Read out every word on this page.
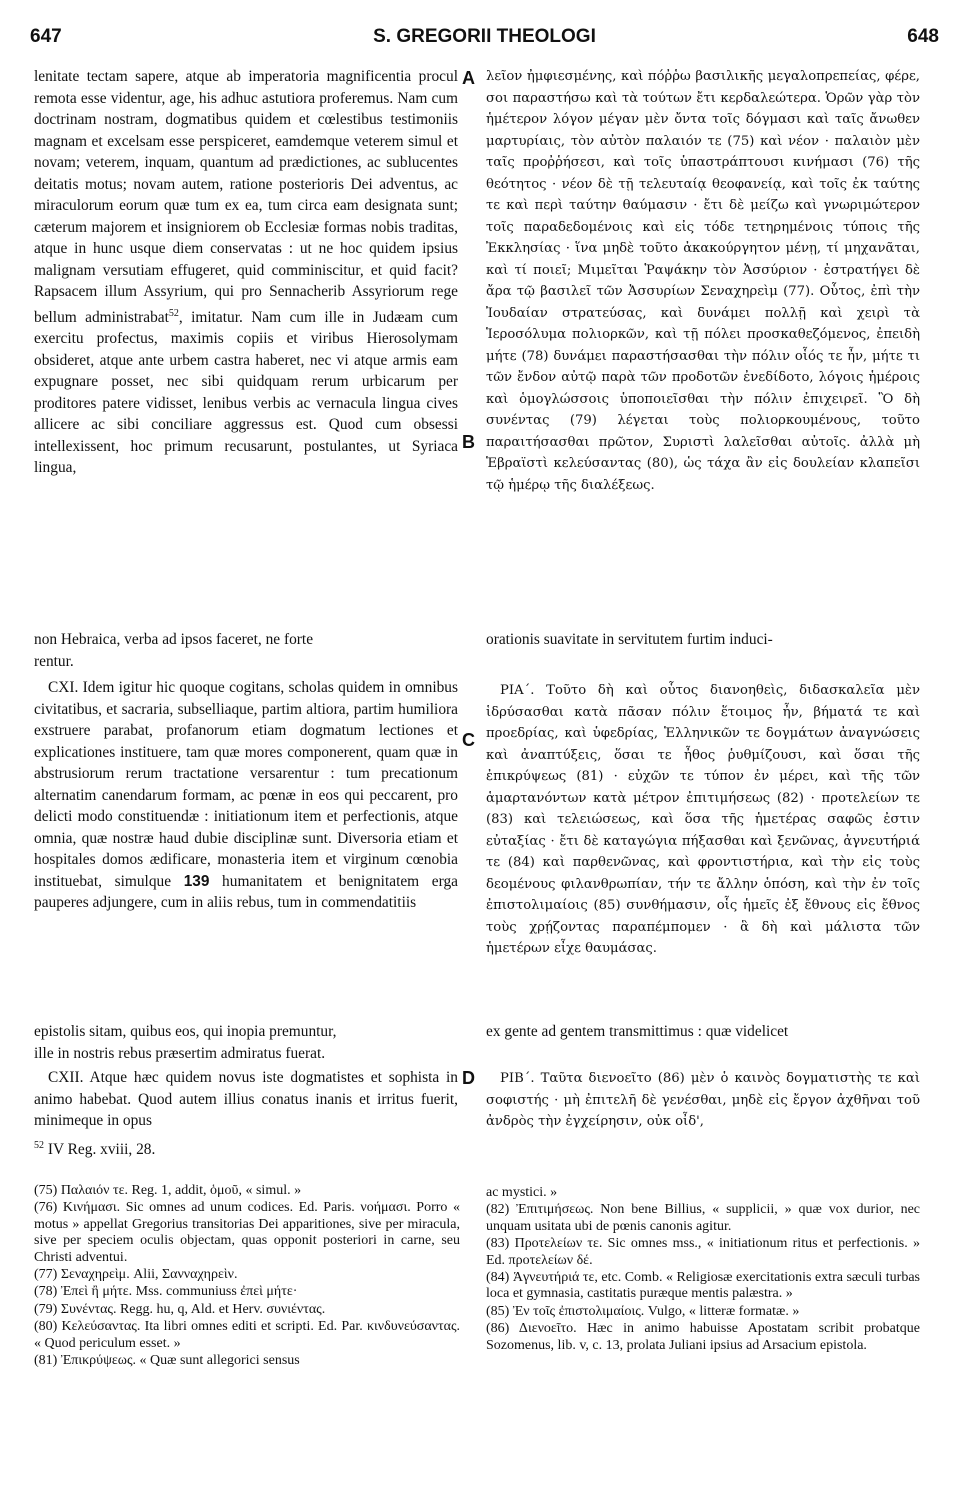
647	S. GREGORII THEOLOGI	648

lenitate tectam sapere, atque ab imperatoria magnificentia procul remota esse videntur, age, his adhuc astutiora proferemus. Nam cum doctrinam nostram, dogmatibus quidem et cœlestibus testimoniis magnam et excelsam esse perspiceret, eamdemque veterem simul et novam; veterem, inquam, quantum ad prædictiones, ac sublucentes deitatis motus; novam autem, ratione posterioris Dei adventus, ac miraculorum eorum quæ tum ex ea, tum circa eam designata sunt; cæterum majorem et insigniorem ob Ecclesiæ formas nobis traditas, atque in hunc usque diem conservatas : ut ne hoc quidem ipsius malignam versutiam effugeret, quid comminiscitur, et quid facit? Rapsacem illum Assyrium, qui pro Sennacherib Assyriorum rege bellum administrabat$^{52}$, imitatur. Nam cum ille in Judæam cum exercitu profectus, maximis copiis et viribus Hierosolymam obsideret, atque ante urbem castra haberet, nec vi atque armis eam expugnare posset, nec sibi quidquam rerum urbicarum per proditores patere vidisset, lenibus verbis ac vernacula lingua cives allicere ac sibi conciliare aggressus est. Quod cum obsessi intellexissent, hoc primum recusarunt, postulantes, ut Syriaca lingua,

λεῖον ἠμφιεσμένης, καὶ πόῤῥω βασιλικῆς μεγαλοπρεπείας, φέρε, σοι παραστήσω καὶ τὰ τούτων ἔτι κερδαλεώτερα. Ὁρῶν γὰρ τὸν ἡμέτερον λόγον μέγαν μὲν ὄντα τοῖς δόγμασι καὶ ταῖς ἄνωθεν μαρτυρίαις, τὸν αὐτὸν παλαιόν τε (75) καὶ νέον · παλαιὸν μὲν ταῖς προῤῥήσεσι, καὶ τοῖς ὑπαστράπτουσι κινήμασι (76) τῆς θεότητος · νέον δὲ τῇ τελευταίᾳ θεοφανείᾳ, καὶ τοῖς ἐκ ταύτης τε καὶ περὶ ταύτην θαύμασιν · ἔτι δὲ μείζω καὶ γνωριμώτερον τοῖς παραδεδομένοις καὶ εἰς τόδε τετηρημένοις τύποις τῆς Ἐκκλησίας · ἵνα μηδὲ τοῦτο ἀκακούργητον μένῃ, τί μηχανᾶται, καὶ τί ποιεῖ; Μιμεῖται Ῥαψάκην τὸν Ἀσσύριον · ἐστρατήγει δὲ ἄρα τῷ βασιλεῖ τῶν Ἀσσυρίων Σεναχηρεὶμ (77). Οὗτος, ἐπὶ τὴν Ἰουδαίαν στρατεύσας, καὶ δυνάμει πολλῇ καὶ χειρὶ τὰ Ἱεροσόλυμα πολιορκῶν, καὶ τῇ πόλει προσκαθεζόμενος, ἐπειδὴ μήτε (78) δυνάμει παραστήσασθαι τὴν πόλιν οἷός τε ἦν, μήτε τι τῶν ἔνδον αὐτῷ παρὰ τῶν προδοτῶν ἐνεδίδοτο, λόγοις ἡμέροις καὶ ὁμογλώσσοις ὑποποιεῖσθαι τὴν πόλιν ἐπιχειρεῖ. Ὃ δὴ συνέντας (79) λέγεται τοὺς πολιορκουμένους, τοῦτο παραιτήσασθαι πρῶτον, Συριστὶ λαλεῖσθαι αὐτοῖς. ἀλλὰ μὴ Ἑβραϊστὶ κελεύσαντας (80), ὡς τάχα ἂν εἰς δουλείαν κλαπεῖσι τῷ ἡμέρῳ τῆς διαλέξεως.

A
B
non Hebraica, verba ad ipsos faceret, ne forte	orationis suavitate in servitutem furtim induci-
rentur.

CXI. Idem igitur hic quoque cogitans, scholas quidem in omnibus civitatibus, et sacraria, subselliaque, partim altiora, partim humiliora exstruere parabat, profanorum etiam dogmatum lectiones et explicationes instituere, tam quæ mores componerent, quam quæ in abstrusiorum rerum tractatione versarentur : tum precationum alternatim canendarum formam, ac pœnæ in eos qui peccarent, pro delicti modo constituendæ : initiationum item et perfectionis, atque omnia, quæ nostræ haud dubie disciplinæ sunt. Diversoria etiam et hospitales domos ædificare, monasteria item et virginum cœnobia instituebat, simulque 139 humanitatem et benignitatem erga pauperes adjungere, cum in aliis rebus, tum in commendatitiis

ΡΙΑ΄. Τοῦτο δὴ καὶ οὗτος διανοηθεὶς, διδασκαλεῖα μὲν ἱδρύσασθαι κατὰ πᾶσαν πόλιν ἕτοιμος ἦν, βήματά τε καὶ προεδρίας, καὶ ὑφεδρίας, Ἑλληνικῶν τε δογμάτων ἀναγνώσεις καὶ ἀναπτύξεις, ὅσαι τε ἦθος ῥυθμίζουσι, καὶ ὅσαι τῆς ἐπικρύψεως (81) · εὐχῶν τε τύπον ἐν μέρει, καὶ τῆς τῶν ἁμαρτανόντων κατὰ μέτρον ἐπιτιμήσεως (82) · προτελείων τε (83) καὶ τελειώσεως, καὶ ὅσα τῆς ἡμετέρας σαφῶς ἐστιν εὐταξίας · ἔτι δὲ καταγώγια πήξασθαι καὶ ξενῶνας, ἁγνευτήριά τε (84) καὶ παρθενῶνας, καὶ φροντιστήρια, καὶ τὴν εἰς τοὺς δεομένους φιλανθρωπίαν, τήν τε ἄλλην ὁπόση, καὶ τὴν ἐν τοῖς ἐπιστολιμαίοις (85) συνθήμασιν, οἷς ἡμεῖς ἐξ ἔθνους εἰς ἔθνος τοὺς χρῄζοντας παραπέμπομεν · ἃ δὴ καὶ μάλιστα τῶν ἡμετέρων εἶχε θαυμάσας.

C
epistolis sitam, quibus eos, qui inopia premuntur,	ex gente ad gentem transmittimus : quæ videlicet
ille in nostris rebus præsertim admiratus fuerat.

CXII. Atque hæc quidem novus iste dogmatistes et sophista in animo habebat. Quod autem illius conatus inanis et irritus fuerit, minimeque in opus

ΡΙΒ΄. Ταῦτα διενοεῖτο (86) μὲν ὁ καινὸς δογματιστὴς τε καὶ σοφιστής · μὴ ἐπιτελῆ δὲ γενέσθαι, μηδὲ εἰς ἔργον ἀχθῆναι τοῦ ἀνδρὸς τὴν ἐγχείρησιν, οὐκ οἶδ',

D
$^{52}$ IV Reg. xviii, 28.

(75) Παλαιόν τε. Reg. 1, addit, ὁμοῦ, « simul. »

(76) Κινήμασι. Sic omnes ad unum codices. Ed. Paris. νοήμασι. Porro « motus » appellat Gregorius transitorias Dei apparitiones, sive per miracula, sive per speciem oculis objectam, quas opponit posteriori in carne, seu Christi adventui.

(77) Σεναχηρεὶμ. Alii, Σανναχηρεὶν.

(78) Ἐπεὶ ἢ μήτε. Mss. communiuss ἐπεὶ μήτε·

(79) Συνέντας. Regg. hu, q, Ald. et Herv. συνιέντας.

(80) Κελεύσαντας. Ita libri omnes editi et scripti. Ed. Par. κινδυνεύσαντας. « Quod periculum esset. »

(81) Ἐπικρύψεως. « Quæ sunt allegorici sensus

ac mystici. »

(82) Ἐπιτιμήσεως. Non bene Billius, « supplicii, » quæ vox durior, nec unquam usitata ubi de pœnis canonis agitur.

(83) Προτελείων τε. Sic omnes mss., « initiationum ritus et perfectionis. » Ed. προτελείων δέ.

(84) Ἁγνευτήριά τε, etc. Comb. « Religiosæ exercitationis extra sæculi turbas loca et gymnasia, castitatis puræque mentis palæstra. »

(85) Ἐν τοῖς ἐπιστολιμαίοις. Vulgo, « litteræ formatæ. »

(86) Διενοεῖτο. Hæc in animo habuisse Apostatam scribit probatque Sozomenus, lib. v, c. 13, prolata Juliani ipsius ad Arsacium epistola.
